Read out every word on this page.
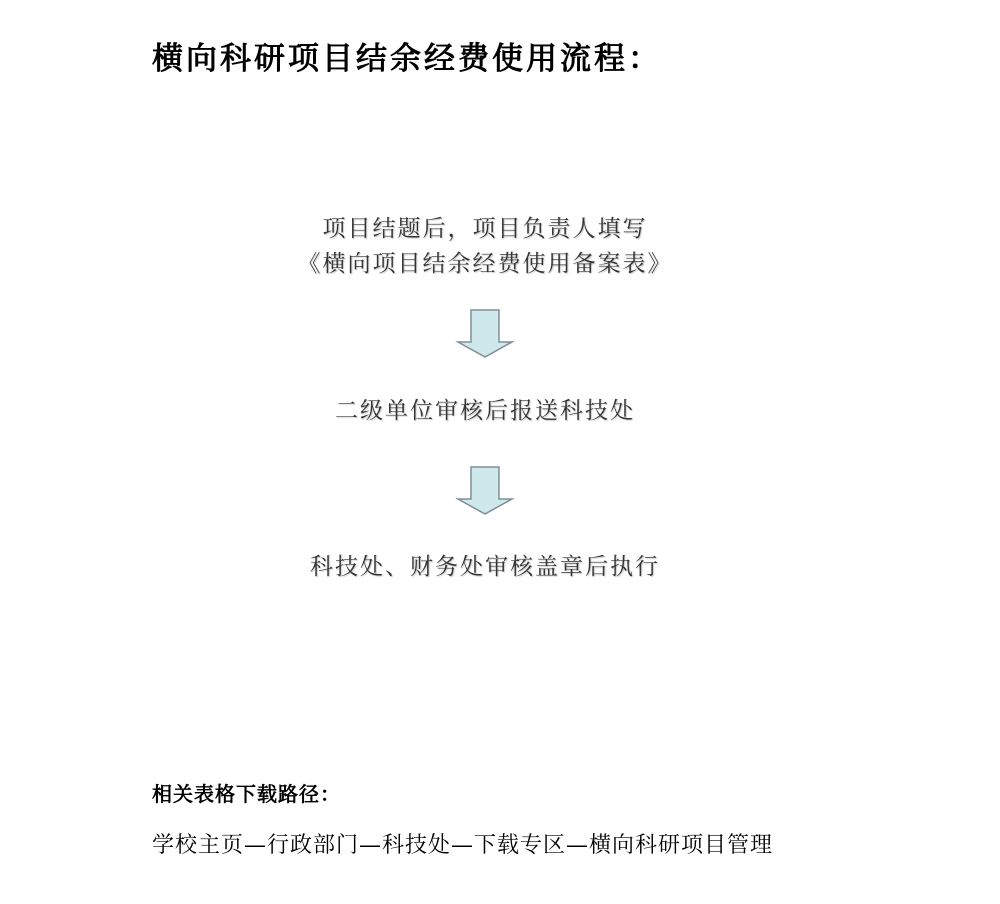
横向科研项目结余经费使用流程：
项目结题后，项目负责人填写
《横向项目结余经费使用备案表》
二级单位审核后报送科技处
科技处、财务处审核盖章后执行
相关表格下载路径：
学校主页—行政部门—科技处—下载专区—横向科研项目管理
